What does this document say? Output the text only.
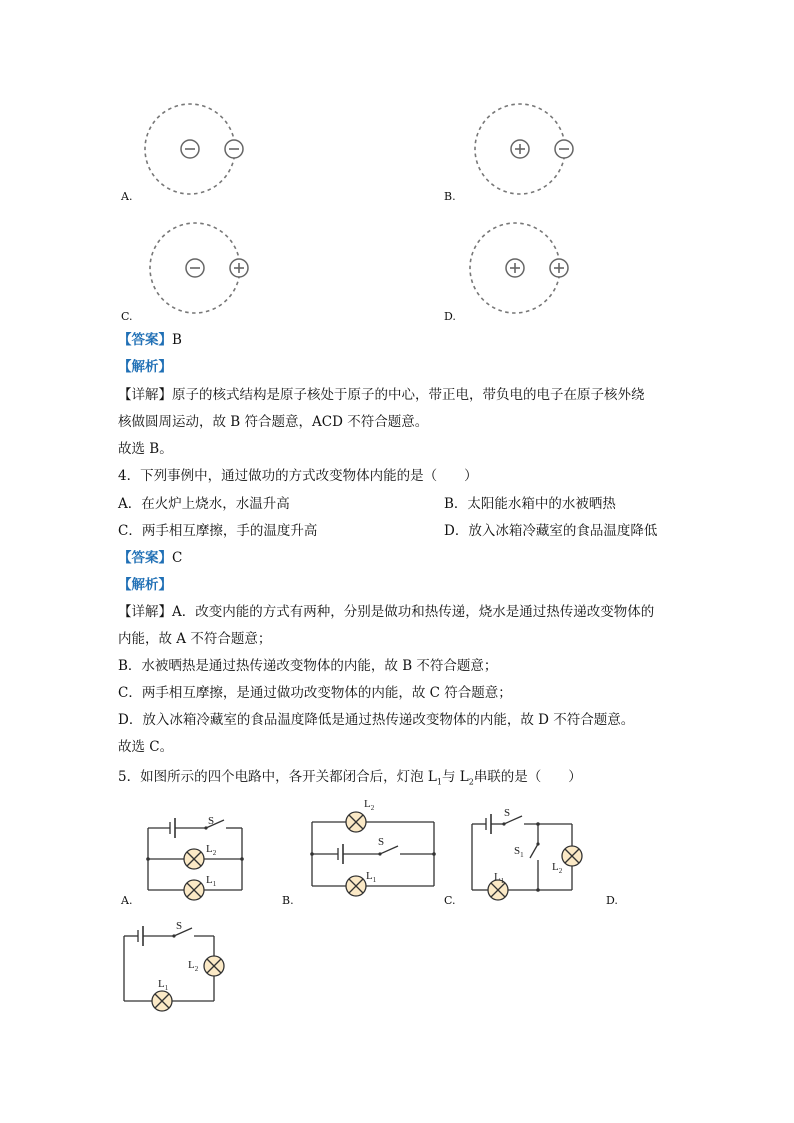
A.	B.
C.	D.
【答案】B
【解析】
【详解】原子的核式结构是原子核处于原子的中心，带正电，带负电的电子在原子核外绕
核做圆周运动，故 B 符合题意，ACD 不符合题意。
故选 B。
4．下列事例中，通过做功的方式改变物体内能的是（　　）
A．在火炉上烧水，水温升高	B．太阳能水箱中的水被晒热
C．两手相互摩擦，手的温度升高	D．放入冰箱冷藏室的食品温度降低
【答案】C
【解析】
【详解】A．改变内能的方式有两种，分别是做功和热传递，烧水是通过热传递改变物体的
内能，故 A 不符合题意；
B．水被晒热是通过热传递改变物体的内能，故 B 不符合题意；
C．两手相互摩擦，是通过做功改变物体的内能，故 C 符合题意；
D．放入冰箱冷藏室的食品温度降低是通过热传递改变物体的内能，故 D 不符合题意。
故选 C。
5．如图所示的四个电路中，各开关都闭合后，灯泡 $L_1$与 $L_2$串联的是（　　）
S
$L_2$
$L_1$
A.
$L_2$
S
$L_1$
B.
S
$S_1$
$L_1$
$L_2$
C.	D.
S
$L_2$
$L_1$
